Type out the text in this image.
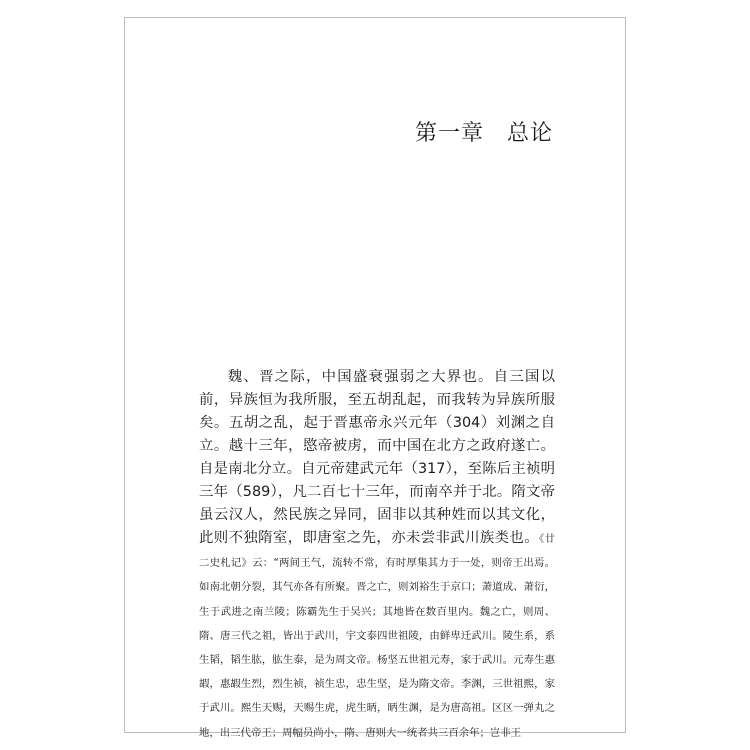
第一章　总论

魏、晋之际，中国盛衰强弱之大界也。自三国以前，异族恒为我所服，至五胡乱起，而我转为异族所服矣。五胡之乱，起于晋惠帝永兴元年（304）刘渊之自立。越十三年，愍帝被虏，而中国在北方之政府遂亡。自是南北分立。自元帝建武元年（317），至陈后主祯明三年（589），凡二百七十三年，而南卒并于北。隋文帝虽云汉人，然民族之异同，固非以其种姓而以其文化，此则不独隋室，即唐室之先，亦未尝非武川族类也。《廿二史札记》云：“两间王气，流转不常，有时厚集其力于一处，则帝王出焉。如南北朝分裂，其气亦各有所聚。晋之亡，则刘裕生于京口；萧道成、萧衍，生于武进之南兰陵；陈霸先生于吴兴；其地皆在数百里内。魏之亡，则周、隋、唐三代之祖，皆出于武川，宇文泰四世祖陵，由鲜卑迁武川。陵生系，系生韬，韬生肱，肱生泰，是为周文帝。杨坚五世祖元寿，家于武川。元寿生惠嘏，惠嘏生烈，烈生祯，祯生忠，忠生坚，是为隋文帝。李渊，三世祖熙，家于武川。熙生天赐，天赐生虎，虎生昞，昞生渊，是为唐高祖。区区一弹丸之地，出三代帝王；周幅员尚小，隋、唐则大一统者共三百余年；岂非王
